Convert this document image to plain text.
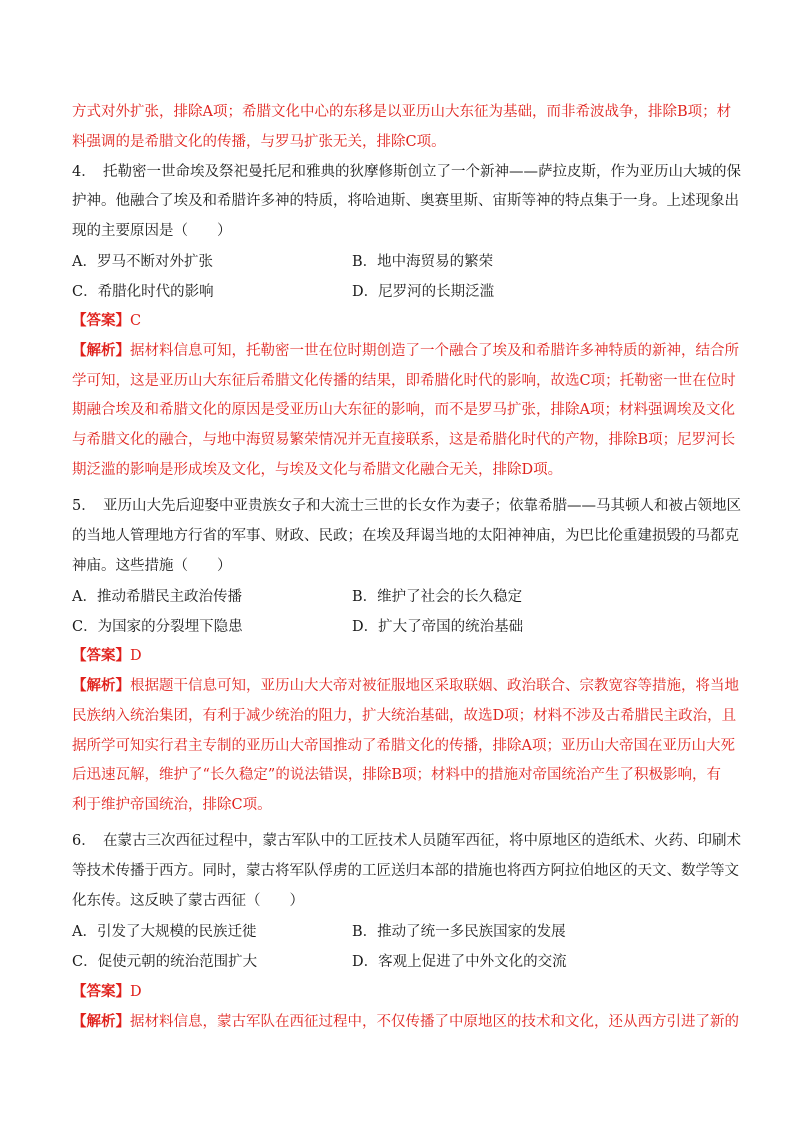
方式对外扩张，排除A项；希腊文化中心的东移是以亚历山大东征为基础，而非希波战争，排除B项；材
料强调的是希腊文化的传播，与罗马扩张无关，排除C项。
4．　托勒密一世命埃及祭祀曼托尼和雅典的狄摩修斯创立了一个新神——萨拉皮斯，作为亚历山大城的保
护神。他融合了埃及和希腊许多神的特质，将哈迪斯、奥赛里斯、宙斯等神的特点集于一身。上述现象出
现的主要原因是（　　）
A．罗马不断对外扩张	B．地中海贸易的繁荣
C．希腊化时代的影响	D．尼罗河的长期泛滥
【答案】C
【解析】据材料信息可知，托勒密一世在位时期创造了一个融合了埃及和希腊许多神特质的新神，结合所
学可知，这是亚历山大东征后希腊文化传播的结果，即希腊化时代的影响，故选C项；托勒密一世在位时
期融合埃及和希腊文化的原因是受亚历山大东征的影响，而不是罗马扩张，排除A项；材料强调埃及文化
与希腊文化的融合，与地中海贸易繁荣情况并无直接联系，这是希腊化时代的产物，排除B项；尼罗河长
期泛滥的影响是形成埃及文化，与埃及文化与希腊文化融合无关，排除D项。
5．　亚历山大先后迎娶中亚贵族女子和大流士三世的长女作为妻子；依靠希腊——马其顿人和被占领地区
的当地人管理地方行省的军事、财政、民政；在埃及拜谒当地的太阳神神庙，为巴比伦重建损毁的马都克
神庙。这些措施（　　）
A．推动希腊民主政治传播	B．维护了社会的长久稳定
C．为国家的分裂埋下隐患	D．扩大了帝国的统治基础
【答案】D
【解析】根据题干信息可知，亚历山大大帝对被征服地区采取联姻、政治联合、宗教宽容等措施，将当地
民族纳入统治集团，有利于减少统治的阻力，扩大统治基础，故选D项；材料不涉及古希腊民主政治，且
据所学可知实行君主专制的亚历山大帝国推动了希腊文化的传播，排除A项；亚历山大帝国在亚历山大死
后迅速瓦解，维护了“长久稳定”的说法错误，排除B项；材料中的措施对帝国统治产生了积极影响，有
利于维护帝国统治，排除C项。
6．　在蒙古三次西征过程中，蒙古军队中的工匠技术人员随军西征，将中原地区的造纸术、火药、印刷术
等技术传播于西方。同时，蒙古将军队俘虏的工匠送归本部的措施也将西方阿拉伯地区的天文、数学等文
化东传。这反映了蒙古西征（　　）
A．引发了大规模的民族迁徙	B．推动了统一多民族国家的发展
C．促使元朝的统治范围扩大	D．客观上促进了中外文化的交流
【答案】D
【解析】据材料信息，蒙古军队在西征过程中，不仅传播了中原地区的技术和文化，还从西方引进了新的
